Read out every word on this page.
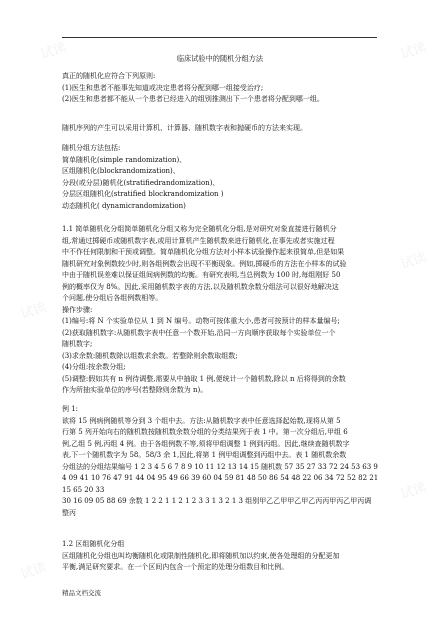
临床试验中的随机分组方法

真正的随机化应符合下列原则:

(1)医生和患者不能事先知道或决定患者将分配到哪一组接受治疗;

(2)医生和患者都不能从一个患者已经进入的组别推测出下一个患者将分配到哪一组。

随机序列的产生可以采用计算机、计算器、随机数字表和抛硬币的方法来实现。

随机分组方法包括:

简单随机化(simple randomization)、

区组随机化(blockrandomization)、

分段(或分层)随机化(stratifiedrandomization)、

分层区组随机化(stratified blockrandomization )

动态随机化( dynamicrandomization)

1.1 简单随机化分组简单随机化分组又称为完全随机化分组,是对研究对象直接进行随机分

组,常通过掷硬币或随机数字表,或用计算机产生随机数来进行随机化,在事先或者实施过程

中不作任何限制和干预或调整。简单随机化分组方法对小样本试验操作起来很简单,但是如果

随机研究对象例数较少时,则各组例数会出现不平衡现象。例如,掷硬币的方法在小样本的试验

中由于随机误差难以保证组间病例数的均衡。有研究表明,当总例数为 100 时,每组刚好 50

例的概率仅为 8%。因此,采用随机数字表的方法,以及随机数余数分组法可以很好地解决这

个问题,使分组后各组例数相等。

操作步骤:

(1)编号:将 N 个实验单位从 1 到 N 编号。动物可按体重大小,患者可按预计的样本量编号;

(2)获取随机数字:从随机数字表中任意一个数开始,沿同一方向顺序获取每个实验单位一个

随机数字;

(3)求余数:随机数除以组数求余数。若整除则余数取组数;

(4)分组:按余数分组;

(5)调整:假如共有 n 例待调整,需要从中抽取 1 例,便统计一个随机数,除以 n 后将得到的余数

作为所抽实验单位的序号(若整除则余数为 n)。

例 1:

欲将 15 例病例随机等分到 3 个组中去。方法:从随机数字表中任意选择起始数,现将从第 5

行第 5 列开始向右的随机数按随机数余数分组的分类结果列于表 1 中。第一次分组后,甲组 6

例,乙组 5 例,丙组 4 例。由于各组例数不等,须将甲组调整 1 例到丙组。因此,继续查随机数字

表,下一个随机数字为 58。58/3 余 1,因此,将第 1 例甲组调整到丙组中去。表 1 随机数余数

分组法的分组结果编号 1 2 3 4 5 6 7 8 9 10 11 12 13 14 15 随机数 57 35 27 33 72 24 53 63 94 09 41 10 76 47 91 44 04 95 49 66 39 60 04 59 81 48 50 86 54 48 22 06 34 72 52 82 21 15 65 20 33

30 16 09 05 88 69 余数 1 2 2 1 1 2 1 2 3 3 1 3 2 1 3 组别甲乙乙甲甲乙甲乙丙丙甲丙乙甲丙调

整丙

1.2 区组随机化分组

区组随机化分组也叫均衡随机化或限制性随机化,即将随机加以约束,使各处理组的分配更加

平衡,满足研究要求。在一个区间内包含一个预定的处理分组数目和比例。

精品文档交流
试读	试读
试读
试读
试读
试读
